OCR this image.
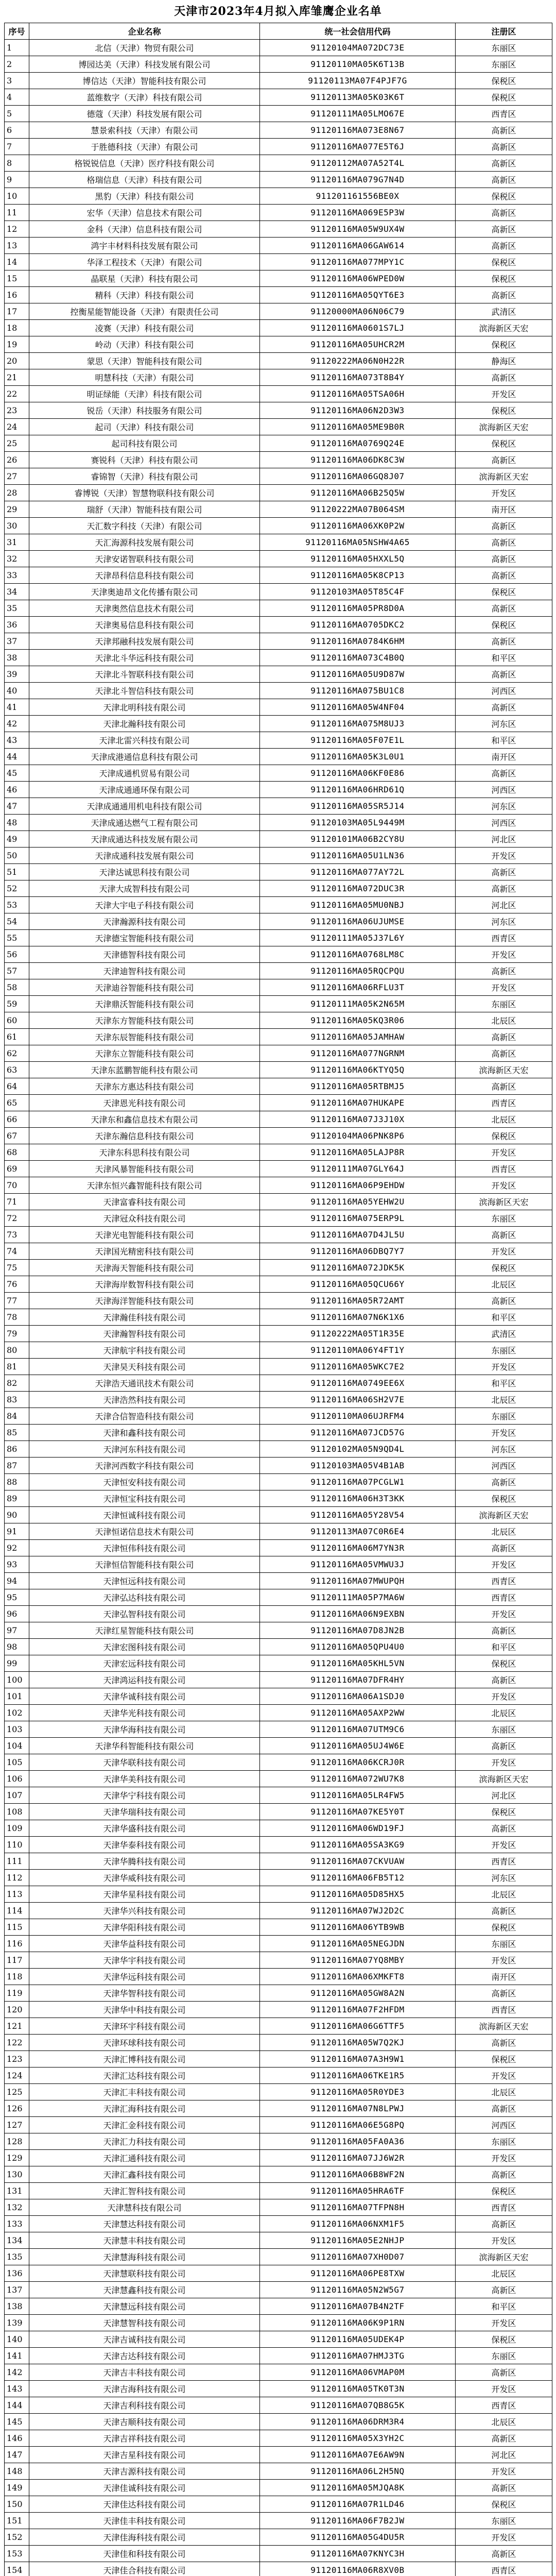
天津市2023年4月拟入库雏鹰企业名单
序号	企业名称	统一社会信用代码	注册区
1	北信（天津）物贸有限公司	91120104MA072DC73E	东丽区
2	博园达美（天津）科技发展有限公司	91120110MA05K6T13B	东丽区
3	博信达（天津）智能科技有限公司	91120113MA07F4PJF7G	保税区
4	蓝维数字（天津）科技有限公司	91120113MA05K03K6T	保税区
5	德蔻（天津）科技发展有限公司	91120111MA05LMO67E	西青区
6	慧景索科技（天津）有限公司	91120116MA073E8N67	高新区
7	于胜德科技（天津）有限公司	91120116MA077E5T6J	高新区
8	格锐锐信息（天津）医疗科技有限公司	91120112MA07A52T4L	高新区
9	格瑞信息（天津）科技有限公司	91120116MA079G7N4D	高新区
10	黑豹（天津）科技有限公司	911201161556BE0X	保税区
11	宏华（天津）信息技术有限公司	91120116MA069E5P3W	高新区
12	金科（天津）信息科技有限公司	91120116MA05W9UX4W	高新区
13	鸿宇丰材料科技发展有限公司	91120116MA06GAW614	高新区
14	华泽工程技术（天津）有限公司	91120116MA077MPY1C	保税区
15	晶联星（天津）科技有限公司	91120116MA06WPED0W	保税区
16	精科（天津）科技有限公司	91120116MA05QYT6E3	高新区
17	控衡星能智能设备（天津）有限责任公司	91120000MA06N06C79	武清区
18	凌赛（天津）科技有限公司	91120116MA0601S7LJ	滨海新区天宏
19	岭动（天津）科技有限公司	91120116MA05UHCR2M	保税区
20	蒙思（天津）智能科技有限公司	91120222MA06N0H22R	静海区
21	明慧科技（天津）有限公司	91120116MA073T8B4Y	高新区
22	明证绿能（天津）科技有限公司	91120116MA05TSA06H	开发区
23	锐岳（天津）科技服务有限公司	91120116MA06N2D3W3	保税区
24	起司（天津）科技有限公司	91120116MA05ME9B0R	滨海新区天宏
25	起司科技有限公司	91120116MA0769Q24E	保税区
26	赛锐科（天津）科技有限公司	91120116MA06DK8C3W	高新区
27	睿锦智（天津）科技有限公司	91120116MA06GQ8J07	滨海新区天宏
28	睿博锐（天津）智慧物联科技有限公司	91120116MA06B25Q5W	开发区
29	瑞舒（天津）智能科技有限公司	91120222MA07B064SM	南开区
30	天汇数字科技（天津）有限公司	91120116MA06XK0P2W	高新区
31	天汇海源科技发展有限公司	91120116MA05NSHW4A65	高新区
32	天津安诺智联科技有限公司	91120116MA05HXXL5Q	高新区
33	天津昂科信息科技有限公司	91120116MA05K8CP13	高新区
34	天津奥迪昂文化传播有限公司	91120103MA05T85C4F	保税区
35	天津奥然信息技术有限公司	91120116MA05PR8D0A	高新区
36	天津奥易信息科技有限公司	91120116MA0705DKC2	保税区
37	天津邦融科技发展有限公司	91120116MA0784K6HM	高新区
38	天津北斗华远科技有限公司	91120116MA073C4B0Q	和平区
39	天津北斗智联科技有限公司	91120116MA05U9D87W	高新区
40	天津北斗智信科技有限公司	91120116MA075BU1C8	河西区
41	天津北明科技有限公司	91120116MA05W4NF04	高新区
42	天津北瀚科技有限公司	91120116MA075M8UJ3	河东区
43	天津北雷兴科技有限公司	91120116MA05F07E1L	和平区
44	天津成港通信息科技有限公司	91120116MA05K3L0U1	南开区
45	天津成通机贸易有限公司	91120116MA06KF0E86	高新区
46	天津成通通环保有限公司	91120116MA06HRD61Q	河西区
47	天津成通通用机电科技有限公司	91120116MA05SR5J14	河东区
48	天津成通达燃气工程有限公司	91120103MA05L9449M	河西区
49	天津成通达科技发展有限公司	91120101MA06B2CY8U	河北区
50	天津成通科技发展有限公司	91120116MA05U1LN36	开发区
51	天津达诚思科技有限公司	91120116MA077AY72L	高新区
52	天津大成智科技有限公司	91120116MA072DUC3R	高新区
53	天津大宇电子科技有限公司	91120116MA05MU0NBJ	河北区
54	天津瀚源科技有限公司	91120116MA06UJUMSE	河东区
55	天津德宝智能科技有限公司	91120111MA05J37L6Y	西青区
56	天津德智科技有限公司	91120116MA0768LM8C	开发区
57	天津迪智科技有限公司	91120116MA05RQCPQU	高新区
58	天津迪谷智能科技有限公司	91120116MA06RFLU3T	开发区
59	天津鼎沃智能科技有限公司	91120111MA05K2N65M	东丽区
60	天津东方智能科技有限公司	91120116MA05KQ3R06	北辰区
61	天津东辰智能科技有限公司	91120116MA05JAMHAW	高新区
62	天津东立智能科技有限公司	91120116MA077NGRNM	高新区
63	天津东蓝鹏智能科技有限公司	91120116MA06KTYQ5Q	滨海新区天宏
64	天津东方惠达科技有限公司	91120116MA05RTBMJ5	高新区
65	天津恩光科技有限公司	91120116MA07HUKAPE	西青区
66	天津东和鑫信息技术有限公司	91120116MA07J3J10X	北辰区
67	天津东瀚信息科技有限公司	91120104MA06PNK8P6	保税区
68	天津东科思科技有限公司	91120116MA05LAJP8R	开发区
69	天津风暴智能科技有限公司	91120111MA07GLY64J	西青区
70	天津东恒兴鑫智能科技有限公司	91120116MA06P9EHDW	开发区
71	天津富睿科技有限公司	91120116MA05YEHW2U	滨海新区天宏
72	天津冠众科技有限公司	91120116MA075ERP9L	东丽区
73	天津光电智能科技有限公司	91120116MA07D4JL5U	高新区
74	天津国光精密科技有限公司	91120116MA06DBQ7Y7	开发区
75	天津海天智能科技有限公司	91120116MA072JDK5K	保税区
76	天津海岸数智科技有限公司	91120116MA05QCU66Y	北辰区
77	天津海洋智能科技有限公司	91120116MA05R72AMT	高新区
78	天津瀚佳科技有限公司	91120116MA07N6K1X6	和平区
79	天津瀚智科技有限公司	91120222MA05T1R35E	武清区
80	天津航宇科技有限公司	91120110MA06Y4FT1Y	东丽区
81	天津昊天科技有限公司	91120116MA05WKC7E2	开发区
82	天津浩天通讯技术有限公司	91120116MA0749EE6X	和平区
83	天津浩然科技有限公司	91120116MA06SH2V7E	北辰区
84	天津合信智造科技有限公司	91120110MA06UJRFM4	东丽区
85	天津和鑫科技有限公司	91120116MA07JCD57G	开发区
86	天津河东科技有限公司	91120102MA05N9QD4L	河东区
87	天津河西数字科技有限公司	91120103MA05V4B1AB	河西区
88	天津恒安科技有限公司	91120116MA07PCGLW1	高新区
89	天津恒宝科技有限公司	91120116MA06H3T3KK	保税区
90	天津恒诚科技有限公司	91120116MA05Y28V54	滨海新区天宏
91	天津恒诺信息技术有限公司	91120113MA07C0R6E4	北辰区
92	天津恒伟科技有限公司	91120116MA06M7YN3R	高新区
93	天津恒信智能科技有限公司	91120116MA05VMWU3J	开发区
94	天津恒远科技有限公司	91120116MA07MWUPQH	西青区
95	天津弘达科技有限公司	91120111MA05P7MA6W	西青区
96	天津弘智科技有限公司	91120116MA06N9EXBN	开发区
97	天津红星智能科技有限公司	91120116MA07D8JN2B	高新区
98	天津宏图科技有限公司	91120116MA05QPU4U0	和平区
99	天津宏远科技有限公司	91120116MA05KHL5VN	保税区
100	天津鸿运科技有限公司	91120116MA07DFR4HY	高新区
101	天津华诚科技有限公司	91120116MA06A1SDJ0	开发区
102	天津华光科技有限公司	91120116MA05AXP2WW	北辰区
103	天津华海科技有限公司	91120116MA07UTM9C6	东丽区
104	天津华科智能科技有限公司	91120116MA05UJ4W6E	高新区
105	天津华联科技有限公司	91120116MA06KCRJ0R	开发区
106	天津华美科技有限公司	91120116MA072WU7K8	滨海新区天宏
107	天津华宁科技有限公司	91120116MA05LR4FW5	河北区
108	天津华瑞科技有限公司	91120116MA07KE5Y0T	保税区
109	天津华盛科技有限公司	91120116MA06WD19FJ	高新区
110	天津华泰科技有限公司	91120116MA05SA3KG9	开发区
111	天津华腾科技有限公司	91120116MA07CKVUAW	西青区
112	天津华威科技有限公司	91120116MA06FB5T12	河东区
113	天津华星科技有限公司	91120116MA05D85HX5	北辰区
114	天津华兴科技有限公司	91120116MA07WJ2D2C	高新区
115	天津华阳科技有限公司	91120116MA06YTB9WB	保税区
116	天津华益科技有限公司	91120116MA05NEGJDN	东丽区
117	天津华宇科技有限公司	91120116MA07YQ8MBY	开发区
118	天津华远科技有限公司	91120116MA06XMKFT8	南开区
119	天津华智科技有限公司	91120116MA05GW8A2N	高新区
120	天津华中科技有限公司	91120116MA07F2HFDM	西青区
121	天津环宇科技有限公司	91120116MA06G6TTF5	滨海新区天宏
122	天津环球科技有限公司	91120116MA05W7Q2KJ	高新区
123	天津汇博科技有限公司	91120116MA07A3H9W1	保税区
124	天津汇达科技有限公司	91120116MA06TKE1R5	开发区
125	天津汇丰科技有限公司	91120116MA05R0YDE3	北辰区
126	天津汇海科技有限公司	91120116MA07N8LPWJ	高新区
127	天津汇金科技有限公司	91120116MA06E5G8PQ	河西区
128	天津汇力科技有限公司	91120116MA05FA0A36	东丽区
129	天津汇通科技有限公司	91120116MA07JJ6W2R	开发区
130	天津汇鑫科技有限公司	91120116MA06B8WF2N	高新区
131	天津汇智科技有限公司	91120116MA05HRA6TF	保税区
132	天津慧科技有限公司	91120116MA07TFPN8H	西青区
133	天津慧达科技有限公司	91120116MA06NXM1F5	高新区
134	天津慧丰科技有限公司	91120116MA05E2NHJP	开发区
135	天津慧海科技有限公司	91120116MA07XH0D07	滨海新区天宏
136	天津慧联科技有限公司	91120116MA06PE8TXW	北辰区
137	天津慧鑫科技有限公司	91120116MA05N2W5G7	高新区
138	天津慧远科技有限公司	91120116MA07B4N2TF	和平区
139	天津慧智科技有限公司	91120116MA06K9P1RN	开发区
140	天津吉诚科技有限公司	91120116MA05UDEK4P	保税区
141	天津吉达科技有限公司	91120116MA07HMJ3TG	东丽区
142	天津吉丰科技有限公司	91120116MA06VMAP0M	高新区
143	天津吉海科技有限公司	91120116MA05TK0T3N	开发区
144	天津吉利科技有限公司	91120116MA07QB8G5K	西青区
145	天津吉顺科技有限公司	91120116MA06DRM3R4	北辰区
146	天津吉祥科技有限公司	91120116MA05X3YH2C	高新区
147	天津吉星科技有限公司	91120116MA07E6AW9N	河北区
148	天津吉源科技有限公司	91120116MA06L2H5NQ	开发区
149	天津佳诚科技有限公司	91120116MA05MJQA8K	高新区
150	天津佳达科技有限公司	91120116MA07R1LD46	保税区
151	天津佳丰科技有限公司	91120116MA06F7B2JW	东丽区
152	天津佳海科技有限公司	91120116MA05G4DU5R	开发区
153	天津佳和科技有限公司	91120116MA07KNYC3H	高新区
154	天津佳合科技有限公司	91120116MA06R8XV0B	西青区
